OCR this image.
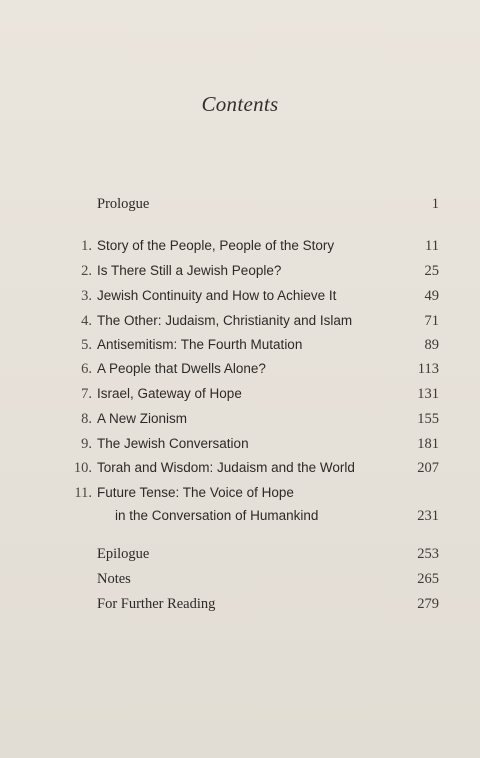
Contents
Prologue	1
1. Story of the People, People of the Story	11
2. Is There Still a Jewish People?	25
3. Jewish Continuity and How to Achieve It	49
4. The Other: Judaism, Christianity and Islam	71
5. Antisemitism: The Fourth Mutation	89
6. A People that Dwells Alone?	113
7. Israel, Gateway of Hope	131
8. A New Zionism	155
9. The Jewish Conversation	181
10. Torah and Wisdom: Judaism and the World	207
11. Future Tense: The Voice of Hope
in the Conversation of Humankind	231
Epilogue	253
Notes	265
For Further Reading	279
